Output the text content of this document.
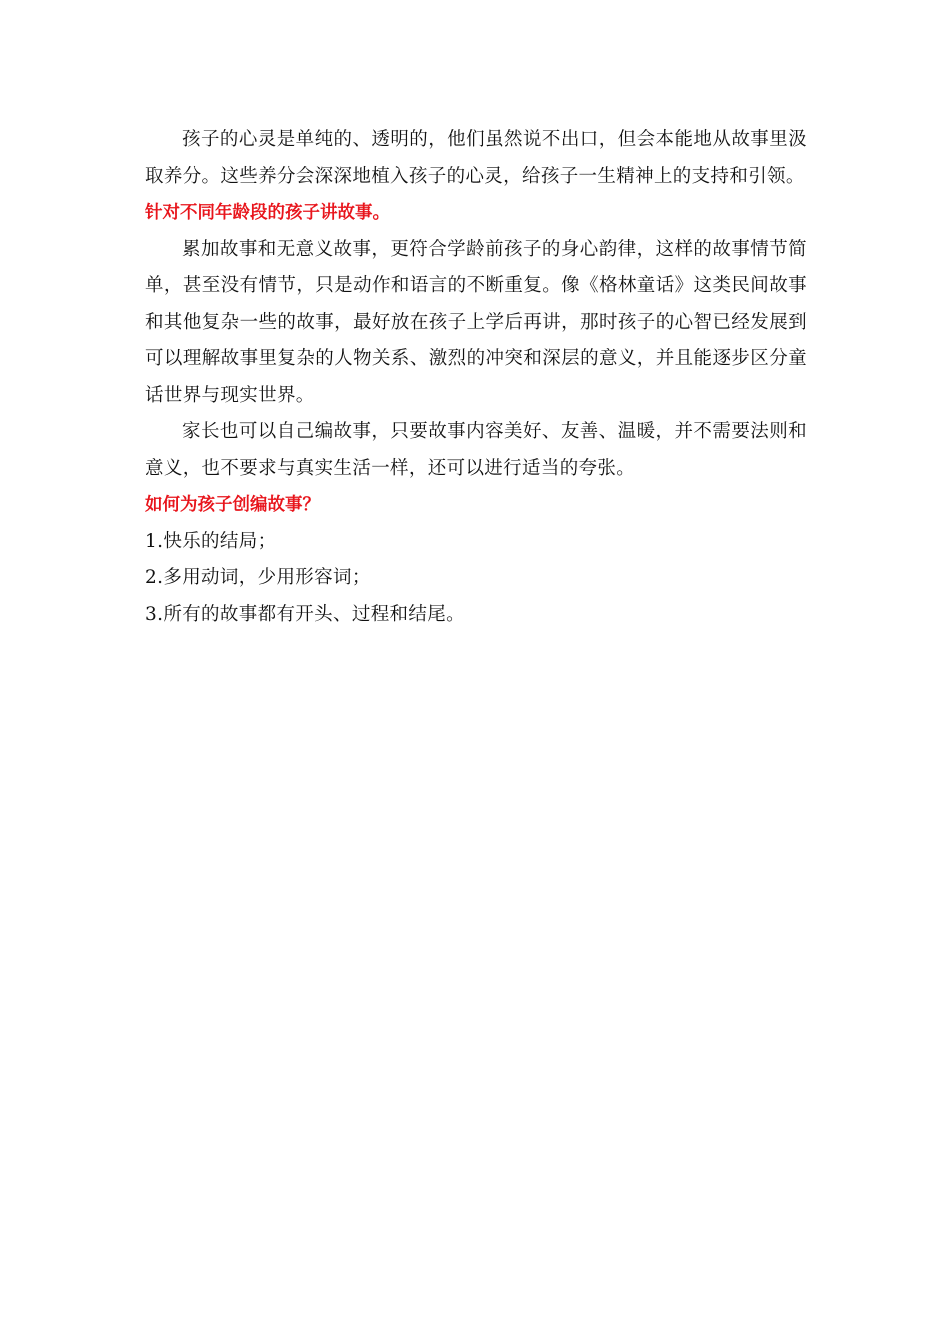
孩子的心灵是单纯的、透明的，他们虽然说不出口，但会本能地从故事里汲取养分。这些养分会深深地植入孩子的心灵，给孩子一生精神上的支持和引领。

针对不同年龄段的孩子讲故事。

累加故事和无意义故事，更符合学龄前孩子的身心韵律，这样的故事情节简单，甚至没有情节，只是动作和语言的不断重复。像《格林童话》这类民间故事和其他复杂一些的故事，最好放在孩子上学后再讲，那时孩子的心智已经发展到可以理解故事里复杂的人物关系、激烈的冲突和深层的意义，并且能逐步区分童话世界与现实世界。

家长也可以自己编故事，只要故事内容美好、友善、温暖，并不需要法则和意义，也不要求与真实生活一样，还可以进行适当的夸张。

如何为孩子创编故事？

1.快乐的结局；

2.多用动词，少用形容词；

3.所有的故事都有开头、过程和结尾。
